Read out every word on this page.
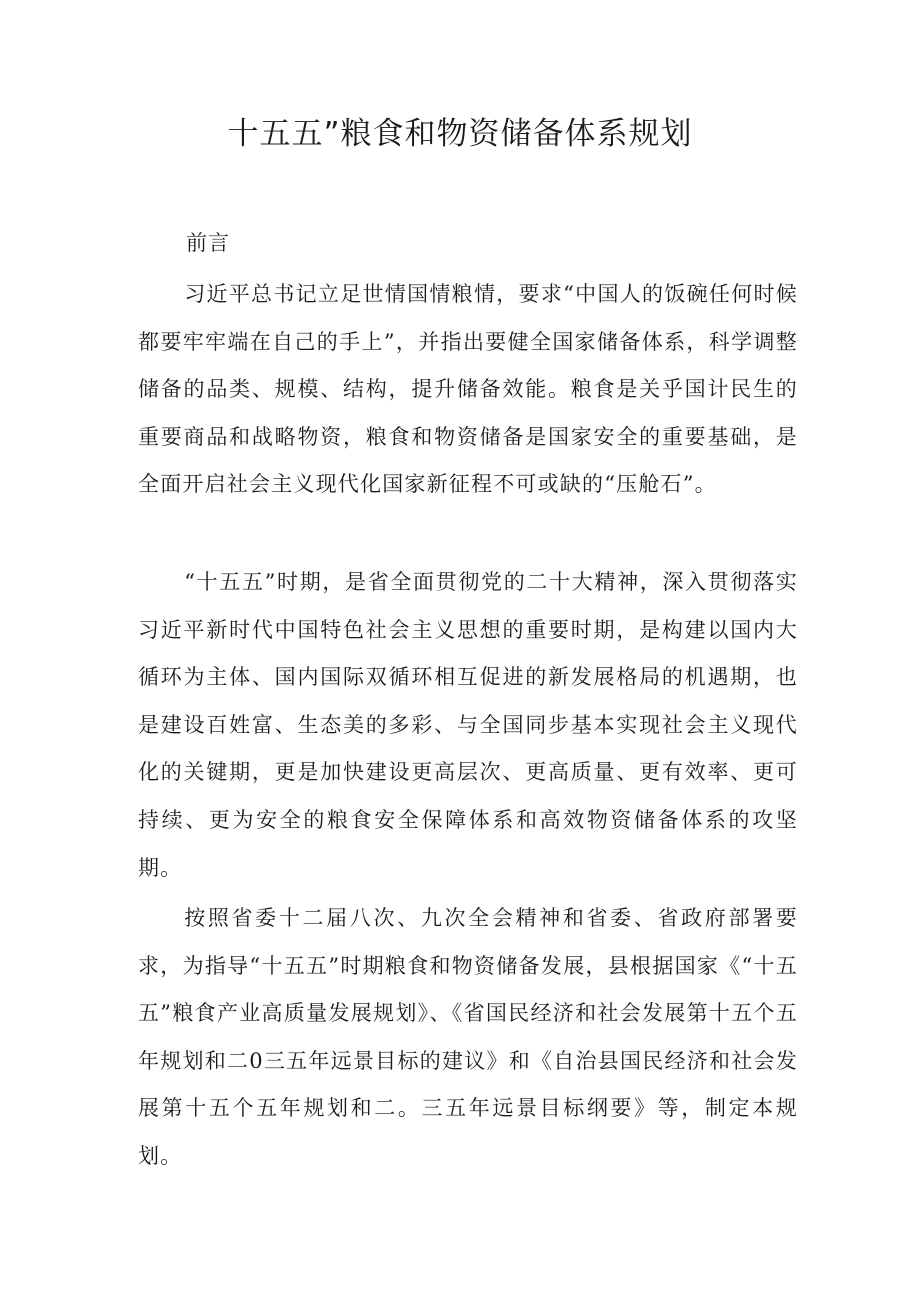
十五五”粮食和物资储备体系规划

前言

习近平总书记立足世情国情粮情，要求“中国人的饭碗任何时候都要牢牢端在自己的手上”，并指出要健全国家储备体系，科学调整储备的品类、规模、结构，提升储备效能。粮食是关乎国计民生的重要商品和战略物资，粮食和物资储备是国家安全的重要基础，是全面开启社会主义现代化国家新征程不可或缺的“压舱石”。

“十五五”时期，是省全面贯彻党的二十大精神，深入贯彻落实习近平新时代中国特色社会主义思想的重要时期，是构建以国内大循环为主体、国内国际双循环相互促进的新发展格局的机遇期，也是建设百姓富、生态美的多彩、与全国同步基本实现社会主义现代化的关键期，更是加快建设更高层次、更高质量、更有效率、更可持续、更为安全的粮食安全保障体系和高效物资储备体系的攻坚期。

按照省委十二届八次、九次全会精神和省委、省政府部署要求，为指导“十五五”时期粮食和物资储备发展，县根据国家《“十五五”粮食产业高质量发展规划》、《省国民经济和社会发展第十五个五年规划和二0三五年远景目标的建议》和《自治县国民经济和社会发展第十五个五年规划和二。三五年远景目标纲要》等，制定本规划。
